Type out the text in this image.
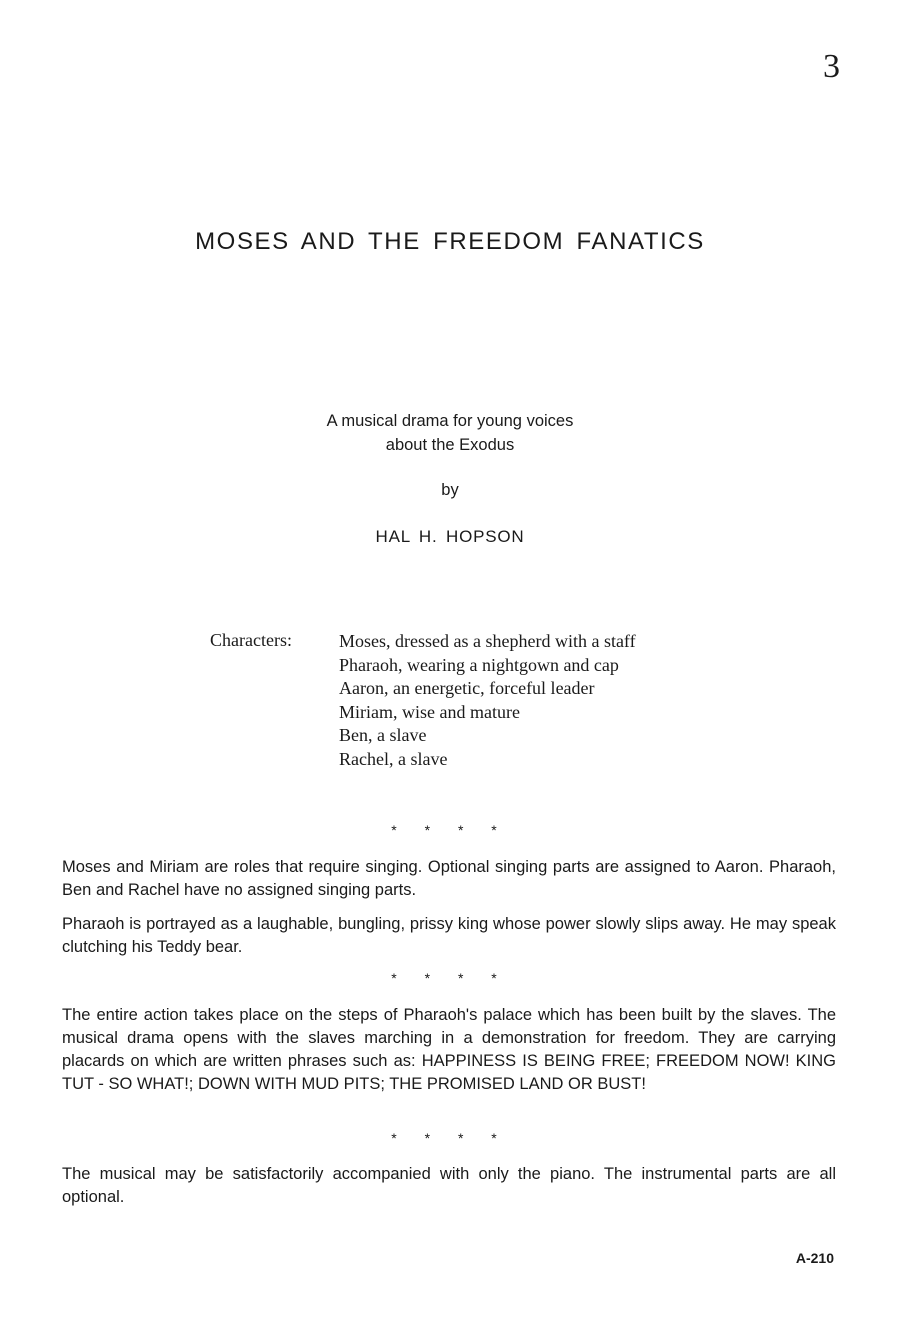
3
MOSES AND THE FREEDOM FANATICS
A musical drama for young voices
about the Exodus
by
HAL H. HOPSON
Characters:	Moses, dressed as a shepherd with a staff
Pharaoh, wearing a nightgown and cap
Aaron, an energetic, forceful leader
Miriam, wise and mature
Ben, a slave
Rachel, a slave
* * * *

Moses and Miriam are roles that require singing. Optional singing parts are assigned to Aaron. Pharaoh, Ben and Rachel have no assigned singing parts.

Pharaoh is portrayed as a laughable, bungling, prissy king whose power slowly slips away. He may speak clutching his Teddy bear.

* * * *

The entire action takes place on the steps of Pharaoh's palace which has been built by the slaves. The musical drama opens with the slaves marching in a demonstration for freedom. They are carrying placards on which are written phrases such as: HAPPINESS IS BEING FREE; FREEDOM NOW! KING TUT - SO WHAT!; DOWN WITH MUD PITS; THE PROMISED LAND OR BUST!

* * * *

The musical may be satisfactorily accompanied with only the piano. The instrumental parts are all optional.

A-210
